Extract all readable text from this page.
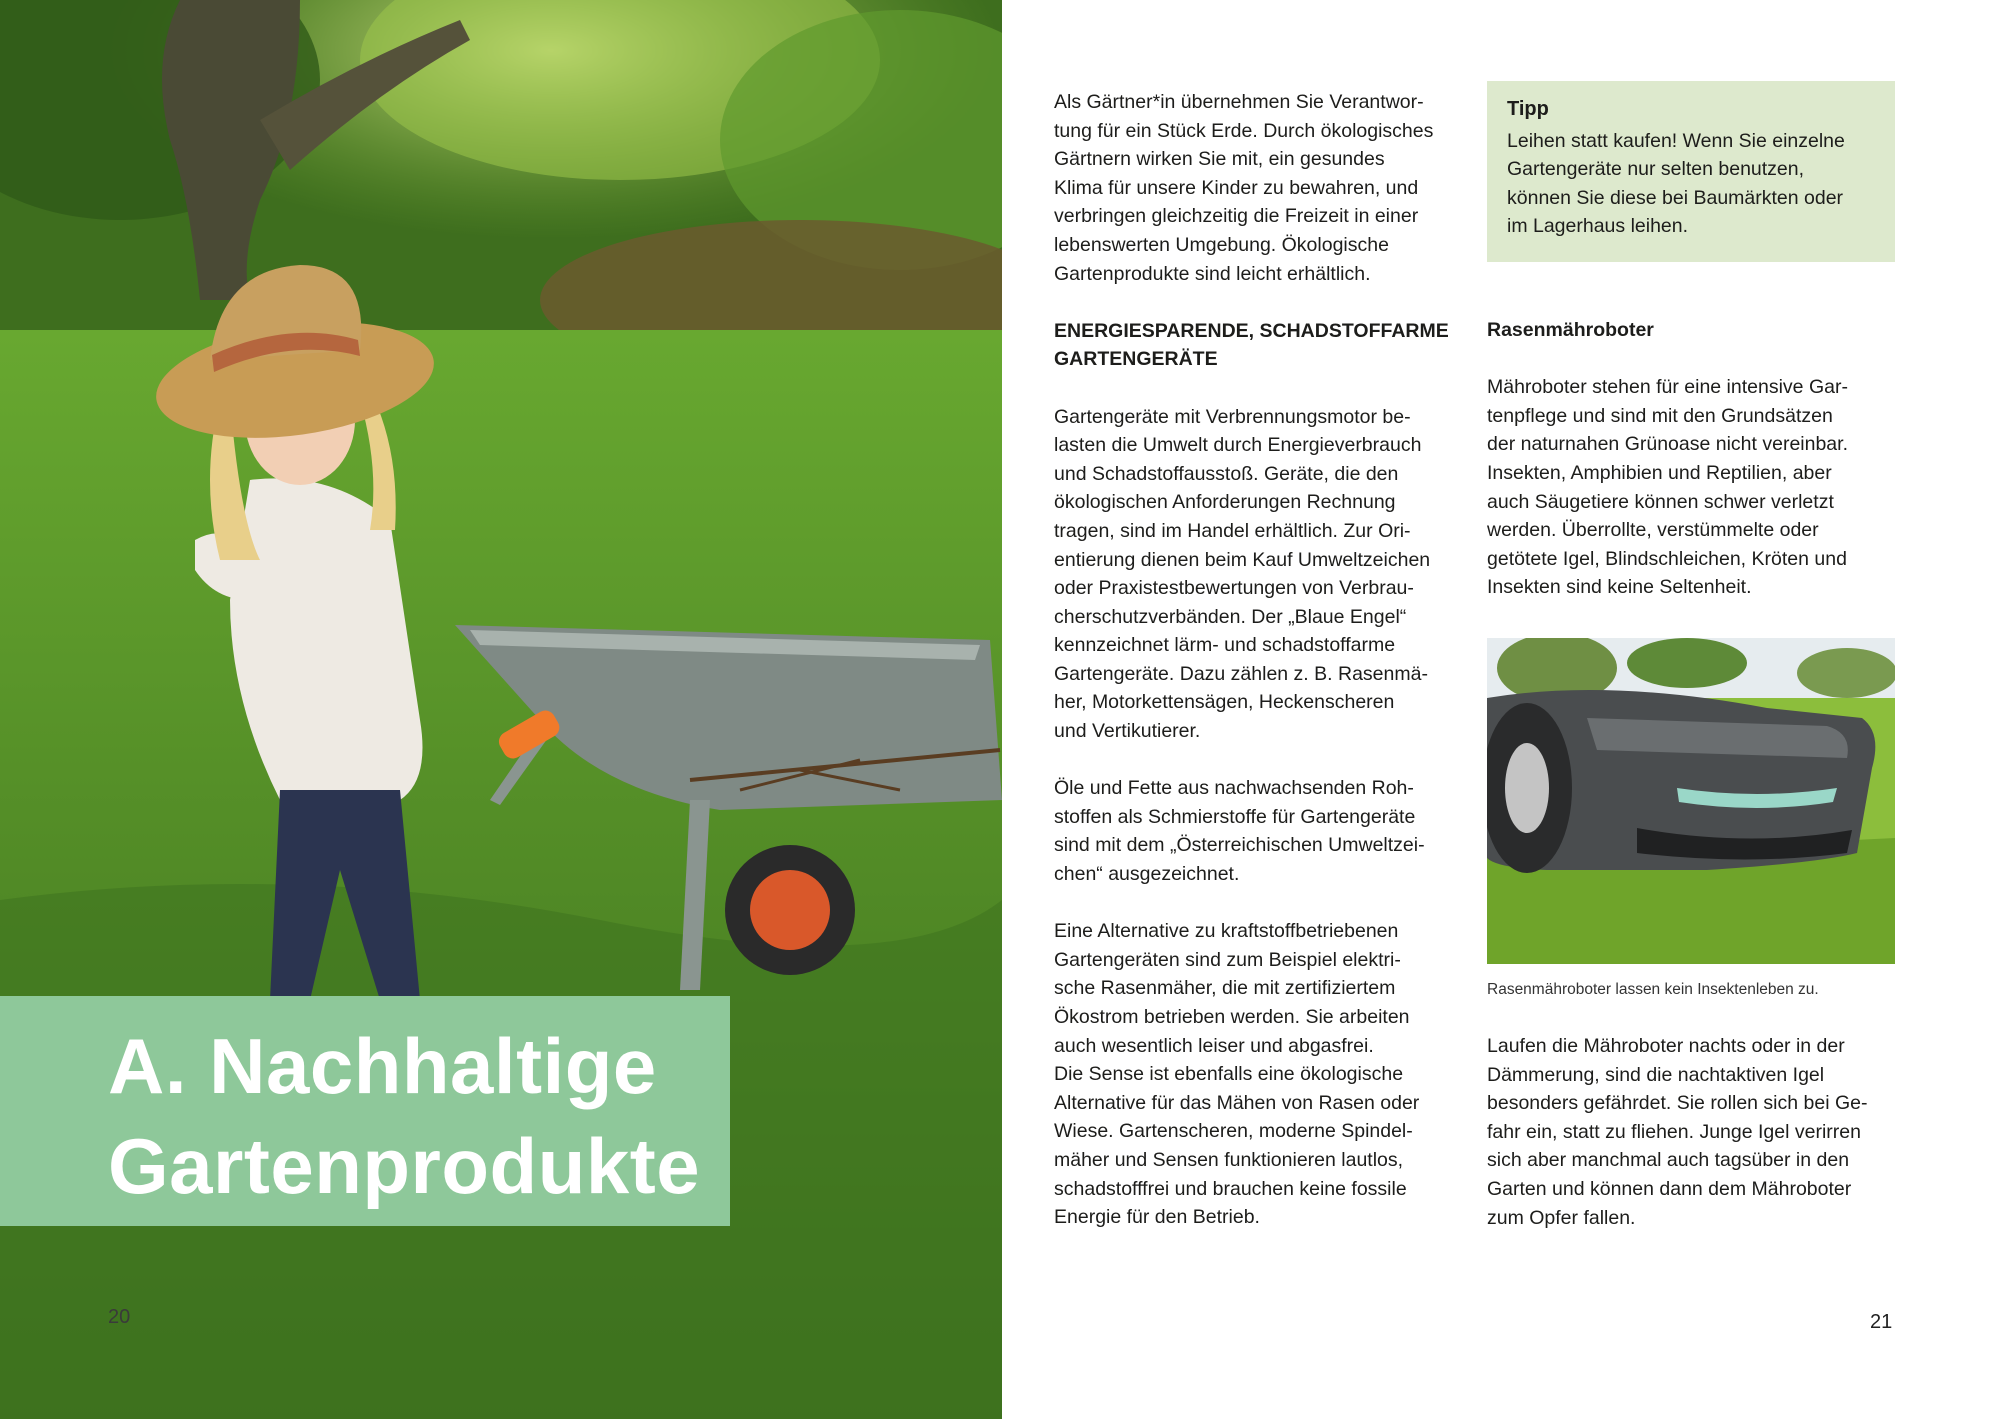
A. Nachhaltige
Gartenprodukte
20

Als Gärtner*in übernehmen Sie Verantwor-
tung für ein Stück Erde. Durch ökologisches
Gärtnern wirken Sie mit, ein gesundes
Klima für unsere Kinder zu bewahren, und
verbringen gleichzeitig die Freizeit in einer
lebenswerten Umgebung. Ökologische
Gartenprodukte sind leicht erhältlich.

ENERGIESPARENDE, SCHADSTOFFARME
GARTENGERÄTE

Gartengeräte mit Verbrennungsmotor be-
lasten die Umwelt durch Energieverbrauch
und Schadstoffausstoß. Geräte, die den
ökologischen Anforderungen Rechnung
tragen, sind im Handel erhältlich. Zur Ori-
entierung dienen beim Kauf Umweltzeichen
oder Praxistestbewertungen von Verbrau-
cherschutzverbänden. Der „Blaue Engel“
kennzeichnet lärm- und schadstoffarme
Gartengeräte. Dazu zählen z. B. Rasenmä-
her, Motorkettensägen, Heckenscheren
und Vertikutierer.

Öle und Fette aus nachwachsenden Roh-
stoffen als Schmierstoffe für Gartengeräte
sind mit dem „Österreichischen Umweltzei-
chen“ ausgezeichnet.

Eine Alternative zu kraftstoffbetriebenen
Gartengeräten sind zum Beispiel elektri-
sche Rasenmäher, die mit zertifiziertem
Ökostrom betrieben werden. Sie arbeiten
auch wesentlich leiser und abgasfrei.
Die Sense ist ebenfalls eine ökologische
Alternative für das Mähen von Rasen oder
Wiese. Gartenscheren, moderne Spindel-
mäher und Sensen funktionieren lautlos,
schadstofffrei und brauchen keine fossile
Energie für den Betrieb.

Tipp

Leihen statt kaufen! Wenn Sie einzelne
Gartengeräte nur selten benutzen,
können Sie diese bei Baumärkten oder
im Lagerhaus leihen.

Rasenmähroboter

Mähroboter stehen für eine intensive Gar-
tenpflege und sind mit den Grundsätzen
der naturnahen Grünoase nicht vereinbar.
Insekten, Amphibien und Reptilien, aber
auch Säugetiere können schwer verletzt
werden. Überrollte, verstümmelte oder
getötete Igel, Blindschleichen, Kröten und
Insekten sind keine Seltenheit.

Rasenmähroboter lassen kein Insektenleben zu.

Laufen die Mähroboter nachts oder in der
Dämmerung, sind die nachtaktiven Igel
besonders gefährdet. Sie rollen sich bei Ge-
fahr ein, statt zu fliehen. Junge Igel verirren
sich aber manchmal auch tagsüber in den
Garten und können dann dem Mähroboter
zum Opfer fallen.

21
